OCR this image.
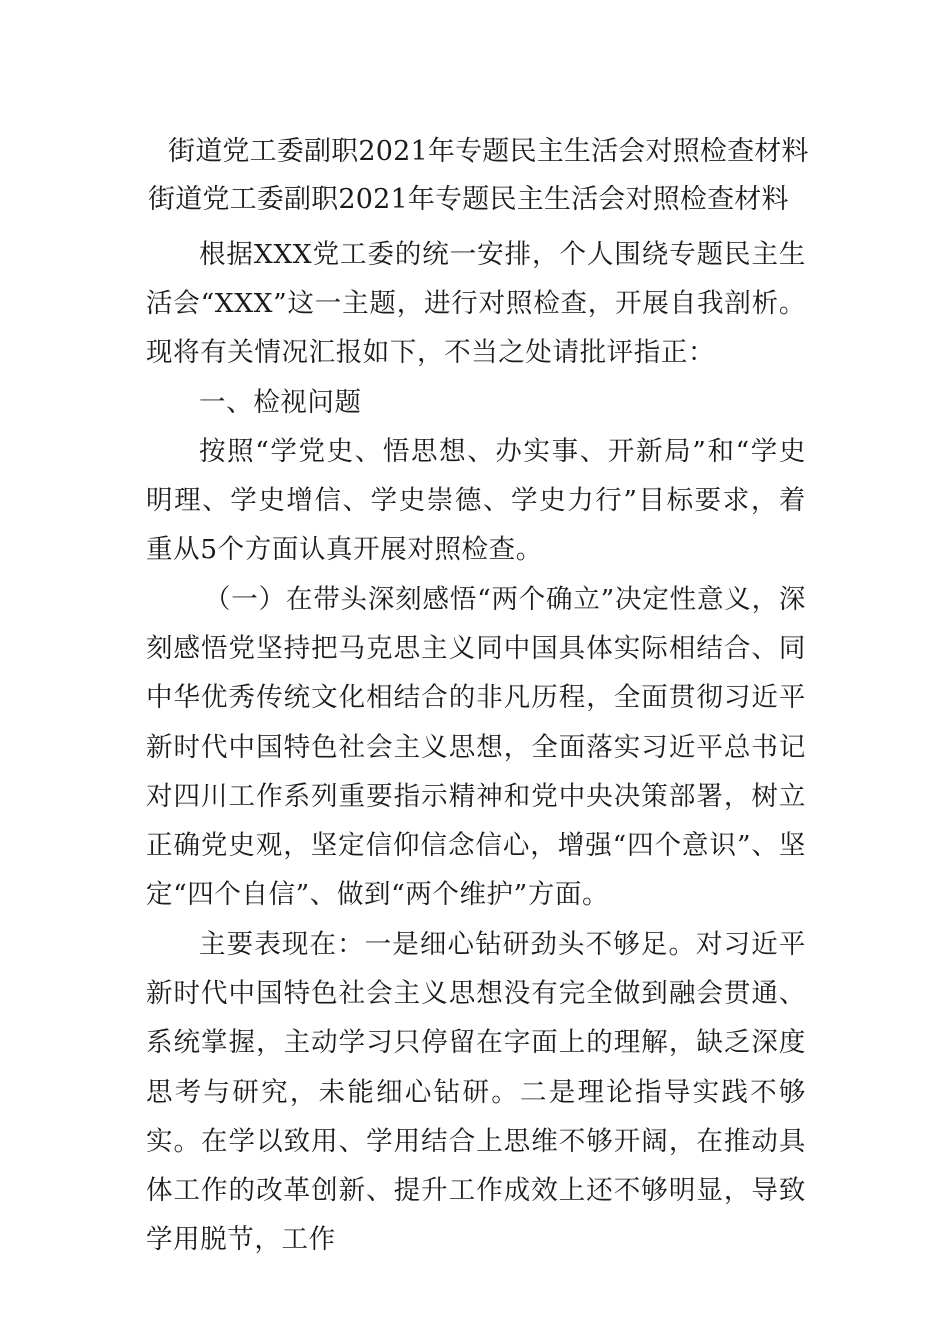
街道党工委副职2021年专题民主生活会对照检查材料
街道党工委副职2021年专题民主生活会对照检查材料

根据XXX党工委的统一安排，个人围绕专题民主生活会“XXX”这一主题，进行对照检查，开展自我剖析。现将有关情况汇报如下，不当之处请批评指正：

一、检视问题

按照“学党史、悟思想、办实事、开新局”和“学史明理、学史增信、学史崇德、学史力行”目标要求，着重从5个方面认真开展对照检查。

（一）在带头深刻感悟“两个确立”决定性意义，深刻感悟党坚持把马克思主义同中国具体实际相结合、同中华优秀传统文化相结合的非凡历程，全面贯彻习近平新时代中国特色社会主义思想，全面落实习近平总书记对四川工作系列重要指示精神和党中央决策部署，树立正确党史观，坚定信仰信念信心，增强“四个意识”、坚定“四个自信”、做到“两个维护”方面。

主要表现在：一是细心钻研劲头不够足。对习近平新时代中国特色社会主义思想没有完全做到融会贯通、系统掌握，主动学习只停留在字面上的理解，缺乏深度思考与研究，未能细心钻研。二是理论指导实践不够实。在学以致用、学用结合上思维不够开阔，在推动具体工作的改革创新、提升工作成效上还不够明显，导致学用脱节，工作
